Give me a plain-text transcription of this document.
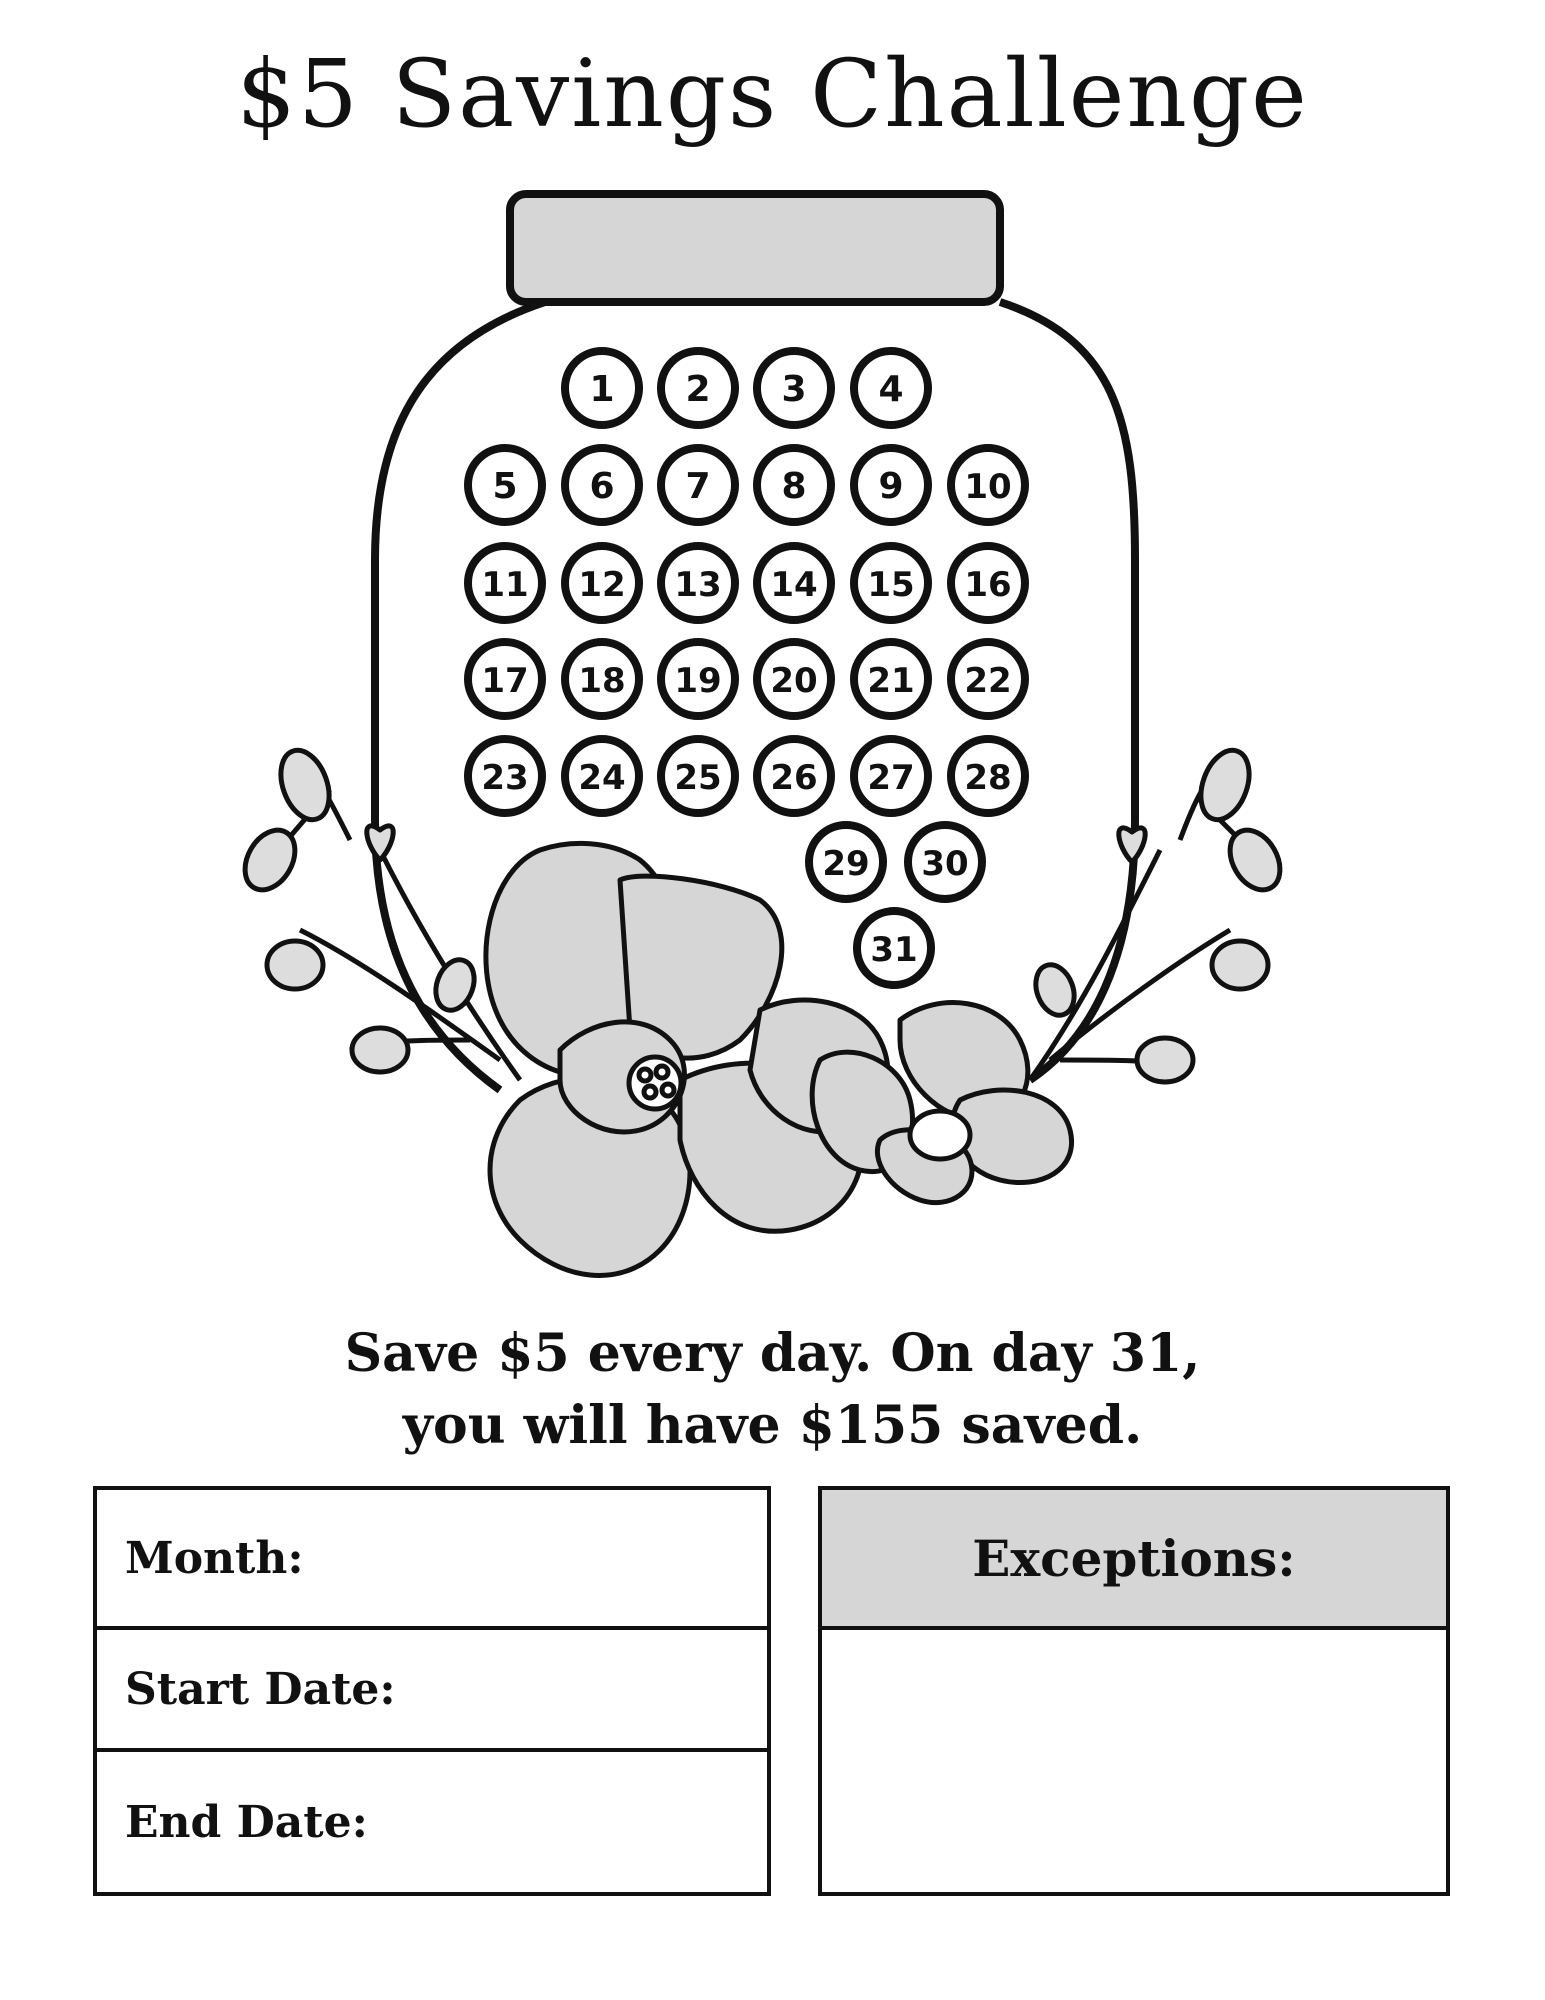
$5 Savings Challenge
1 2 3 4
5 6 7 8 9 10
11 12 13 14 15 16
17 18 19 20 21 22
23 24 25 26 27 28
29 30
31
Save $5 every day. On day 31,
you will have $155 saved.
Month:
Start Date:
End Date:
Exceptions:
